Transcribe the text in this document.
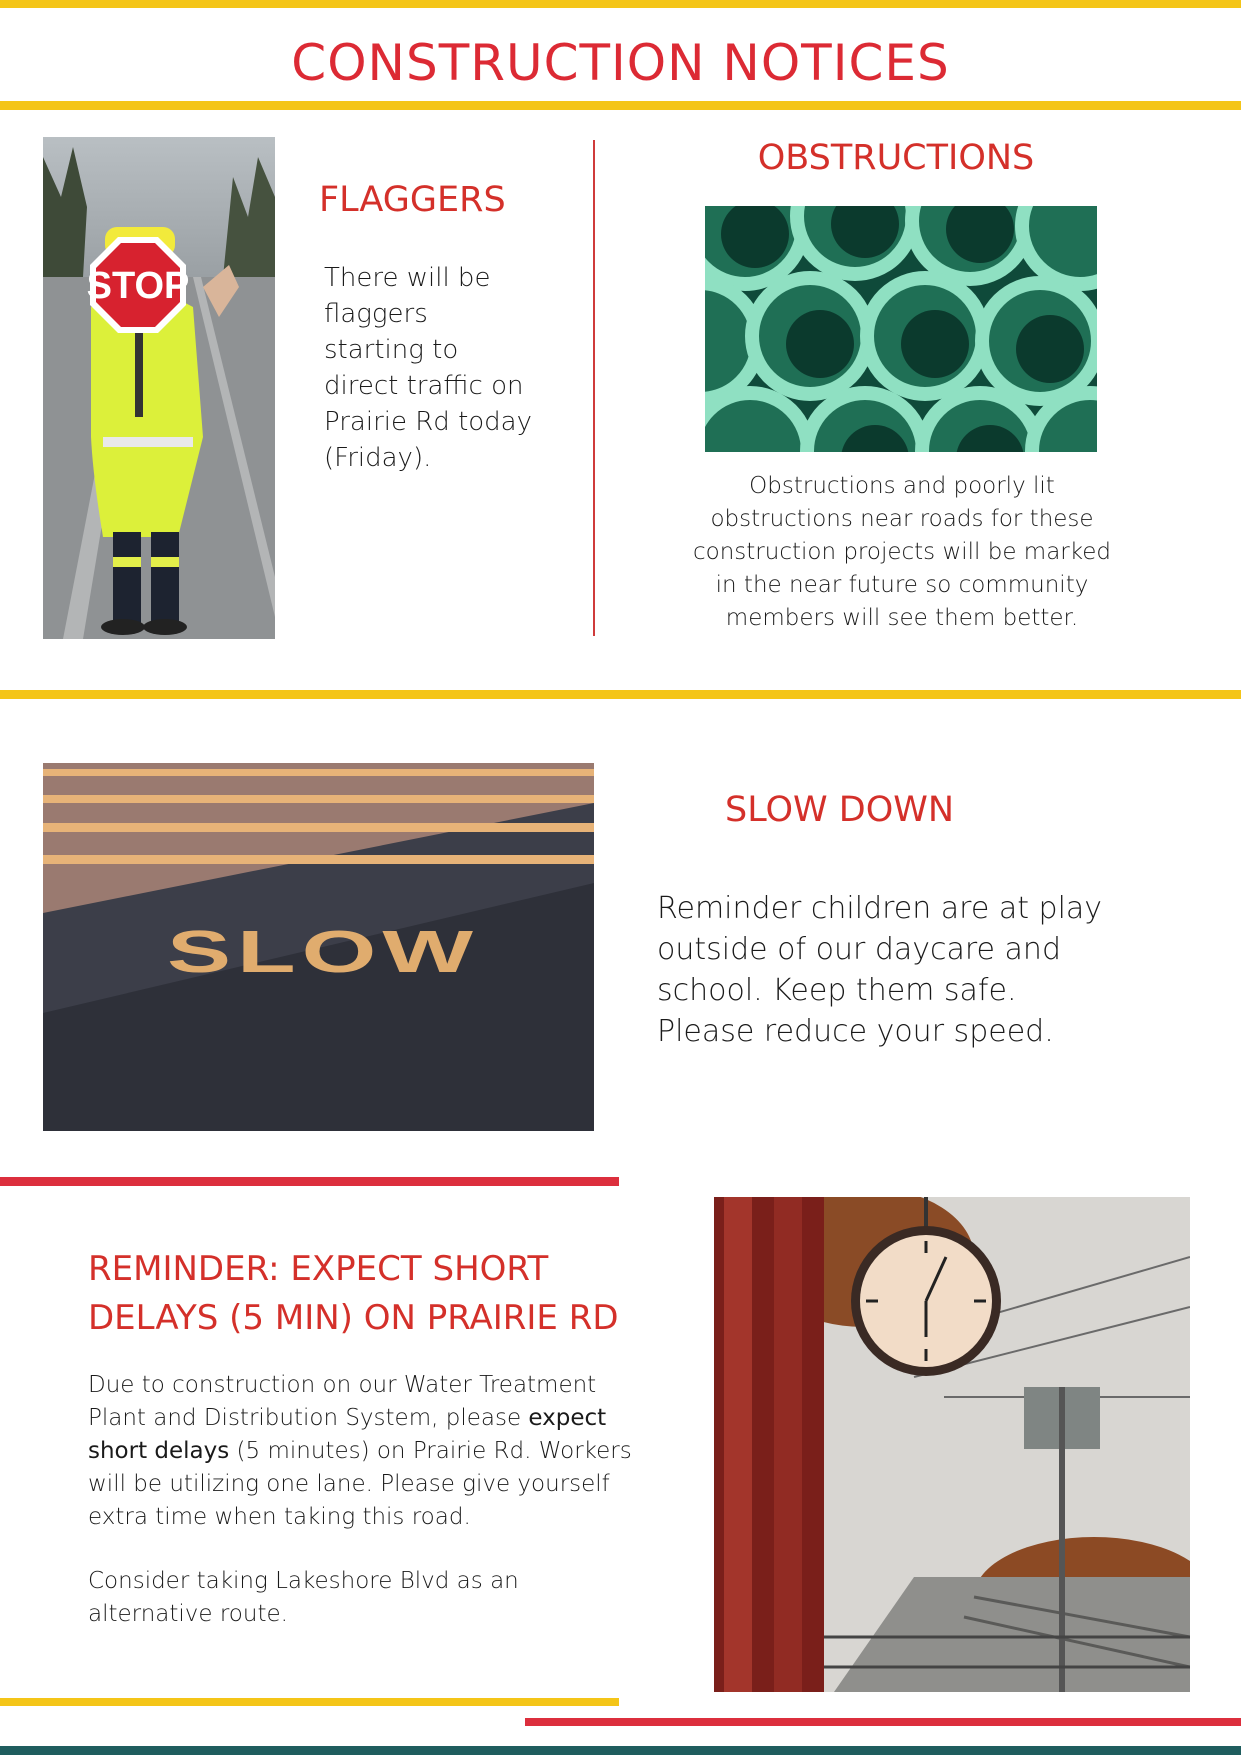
CONSTRUCTION NOTICES
STOP
FLAGGERS
There will be flaggers starting to direct traffic on Prairie Rd today (Friday).
OBSTRUCTIONS
Obstructions and poorly lit obstructions near roads for these construction projects will be marked in the near future so community members will see them better.
SLOW
SLOW DOWN
Reminder children are at play outside of our daycare and school. Keep them safe. Please reduce your speed.
REMINDER: EXPECT SHORT DELAYS (5 MIN) ON PRAIRIE RD
Due to construction on our Water Treatment Plant and Distribution System, please expect short delays (5 minutes) on Prairie Rd. Workers will be utilizing one lane. Please give yourself extra time when taking this road.
Consider taking Lakeshore Blvd as an alternative route.
